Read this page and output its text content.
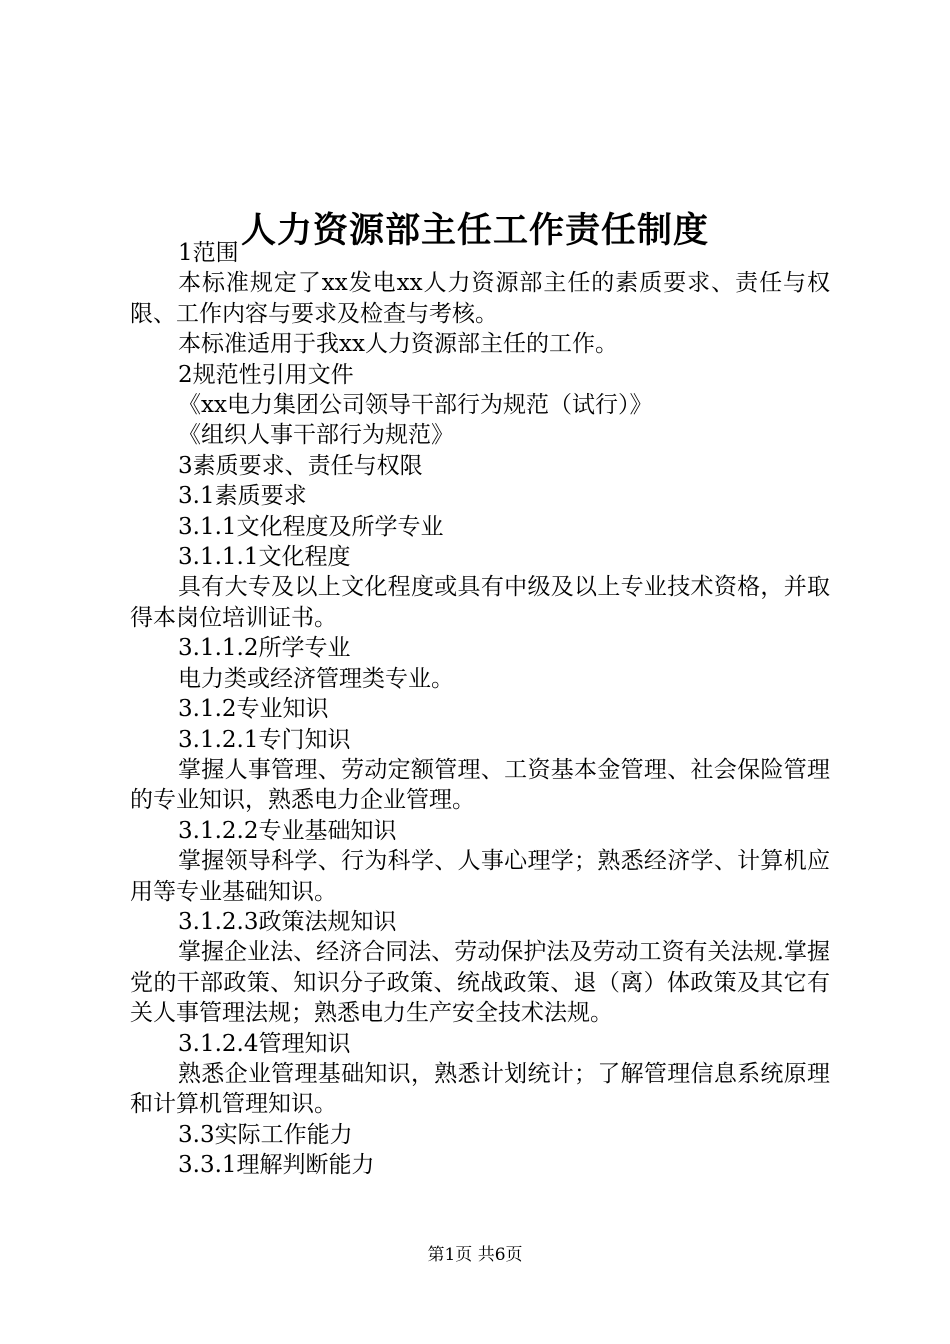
人力资源部主任工作责任制度

1范围

本标准规定了xx发电xx人力资源部主任的素质要求、责任与权限、工作内容与要求及检查与考核。

本标准适用于我xx人力资源部主任的工作。

2规范性引用文件

《xx电力集团公司领导干部行为规范（试行）》

《组织人事干部行为规范》

3素质要求、责任与权限

3.1素质要求

3.1.1文化程度及所学专业

3.1.1.1文化程度

具有大专及以上文化程度或具有中级及以上专业技术资格，并取得本岗位培训证书。

3.1.1.2所学专业

电力类或经济管理类专业。

3.1.2专业知识

3.1.2.1专门知识

掌握人事管理、劳动定额管理、工资基本金管理、社会保险管理的专业知识，熟悉电力企业管理。

3.1.2.2专业基础知识

掌握领导科学、行为科学、人事心理学；熟悉经济学、计算机应用等专业基础知识。

3.1.2.3政策法规知识

掌握企业法、经济合同法、劳动保护法及劳动工资有关法规.掌握党的干部政策、知识分子政策、统战政策、退（离）体政策及其它有关人事管理法规；熟悉电力生产安全技术法规。

3.1.2.4管理知识

熟悉企业管理基础知识，熟悉计划统计；了解管理信息系统原理和计算机管理知识。

3.3实际工作能力

3.3.1理解判断能力

第1页 共6页
